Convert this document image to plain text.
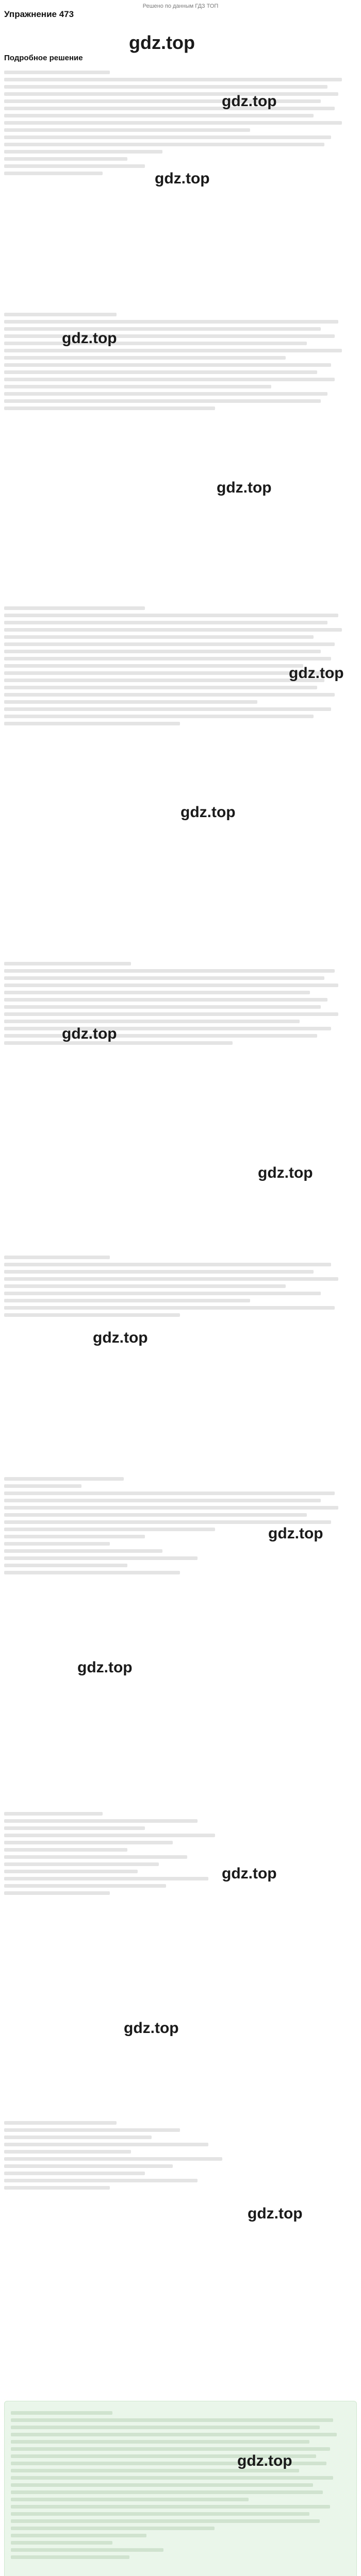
Решено по данным ГДЗ ТОП
Упражнение 473
gdz.top
Подробное решение
gdz.top
gdz.top
gdz.top
gdz.top
gdz.top
gdz.top
gdz.top
gdz.top
gdz.top
gdz.top
gdz.top
gdz.top
gdz.top
gdz.top
gdz.top
